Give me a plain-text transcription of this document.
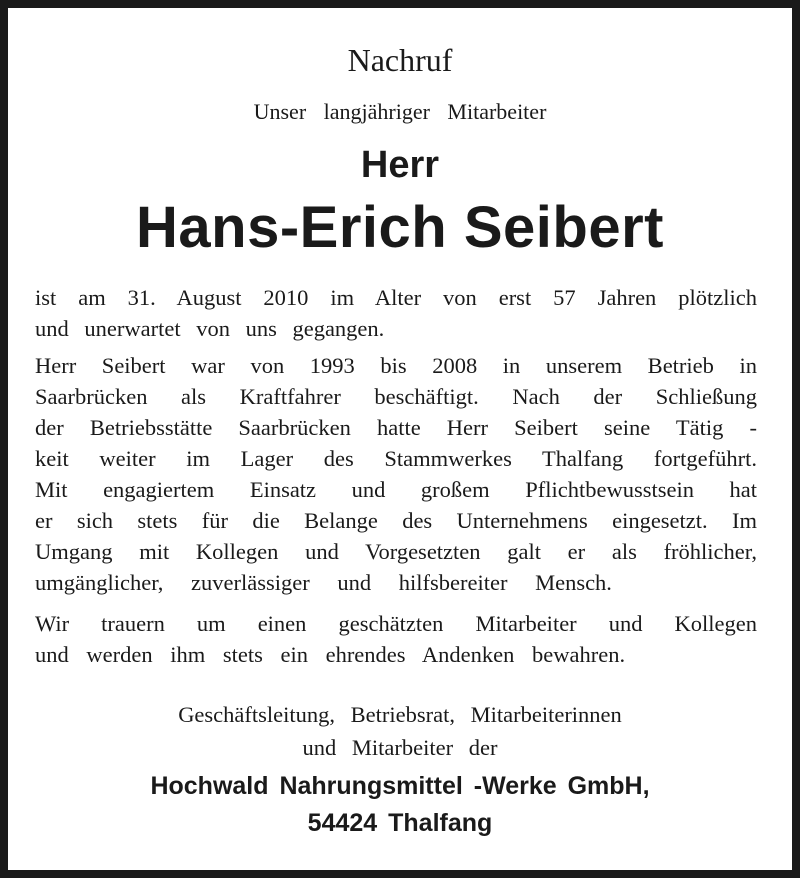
Nachruf
Unser langjähriger Mitarbeiter
Herr
Hans-Erich Seibert
ist am 31. August 2010 im Alter von erst 57 Jahren plötzlich
und unerwartet von uns gegangen.
Herr Seibert war von 1993 bis 2008 in unserem Betrieb in
Saarbrücken als Kraftfahrer beschäftigt. Nach der Schließung
der Betriebsstätte Saarbrücken hatte Herr Seibert seine Tätig -
keit weiter im Lager des Stammwerkes Thalfang fortgeführt.
Mit engagiertem Einsatz und großem Pflichtbewusstsein hat
er sich stets für die Belange des Unternehmens eingesetzt. Im
Umgang mit Kollegen und Vorgesetzten galt er als fröhlicher,
umgänglicher, zuverlässiger und hilfsbereiter Mensch.
Wir trauern um einen geschätzten Mitarbeiter und Kollegen
und werden ihm stets ein ehrendes Andenken bewahren.
Geschäftsleitung, Betriebsrat, Mitarbeiterinnen
und Mitarbeiter der
Hochwald Nahrungsmittel -Werke GmbH,
54424 Thalfang
